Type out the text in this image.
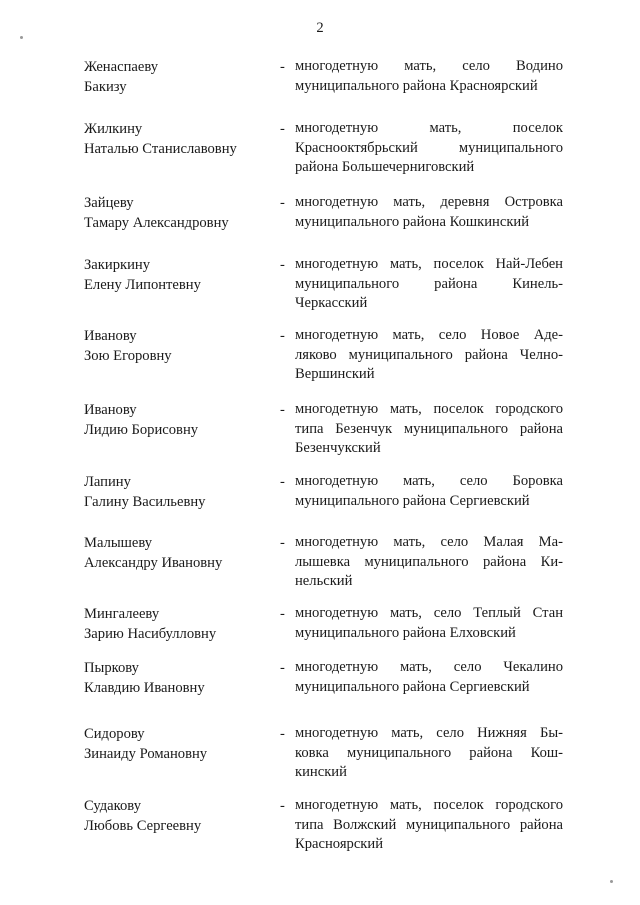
2
Женаспаеву
Бакизу
- многодетную мать, село Водино
муниципального района Красноярский
Жилкину
Наталью Станиславовну
- многодетную мать, поселок
Краснооктябрьский муниципального
района Большечерниговский
Зайцеву
Тамару Александровну
- многодетную мать, деревня Островка
муниципального района Кошкинский
Закиркину
Елену Липонтевну
- многодетную мать, поселок Най-Лебен
муниципального района Кинель-
Черкасский
Иванову
Зою Егоровну
- многодетную мать, село Новое Аде-
ляково муниципального района Челно-
Вершинский
Иванову
Лидию Борисовну
- многодетную мать, поселок городского
типа Безенчук муниципального района
Безенчукский
Лапину
Галину Васильевну
- многодетную мать, село Боровка
муниципального района Сергиевский
Малышеву
Александру Ивановну
- многодетную мать, село Малая Ма-
лышевка муниципального района Ки-
нельский
Мингалееву
Зарию Насибулловну
- многодетную мать, село Теплый Стан
муниципального района Елховский
Пыркову
Клавдию Ивановну
- многодетную мать, село Чекалино
муниципального района Сергиевский
Сидорову
Зинаиду Романовну
- многодетную мать, село Нижняя Бы-
ковка муниципального района Кош-
кинский
Судакову
Любовь Сергеевну
- многодетную мать, поселок городского
типа Волжский муниципального района
Красноярский
